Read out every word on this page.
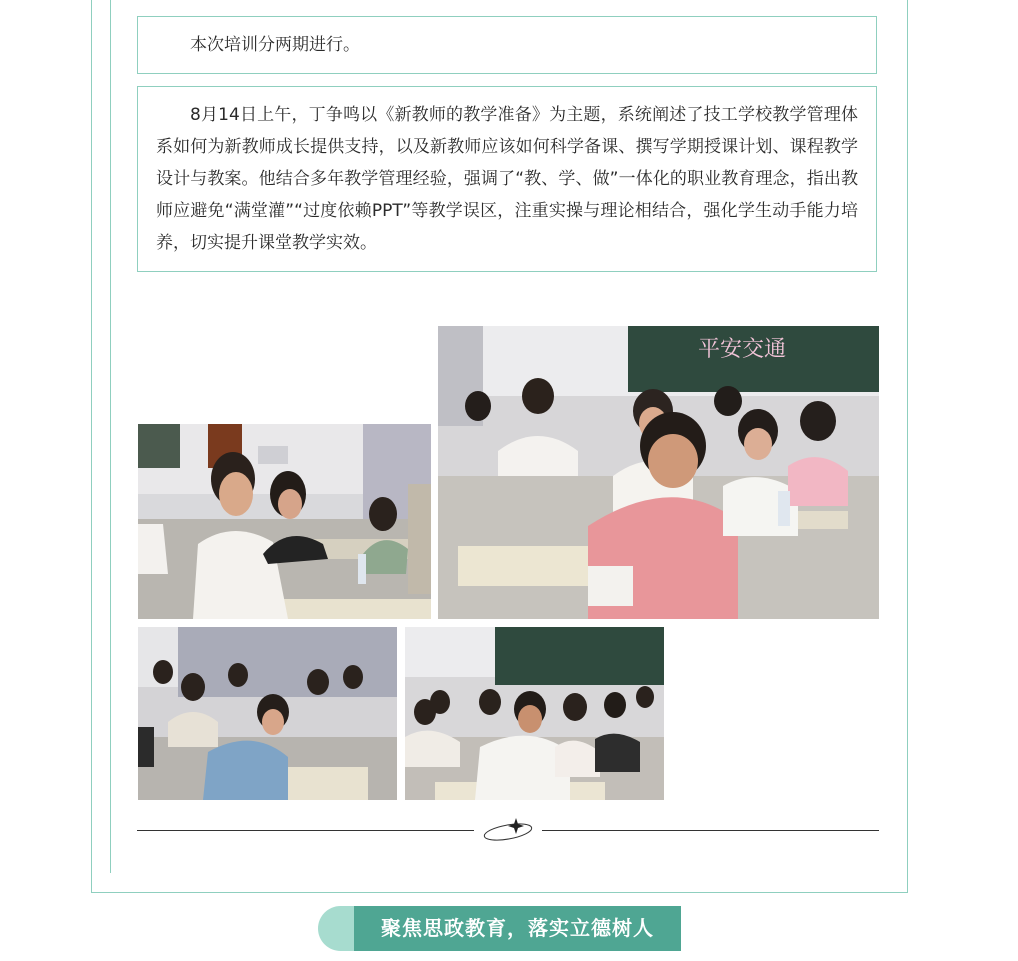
本次培训分两期进行。

8月14日上午，丁争鸣以《新教师的教学准备》为主题，系统阐述了技工学校教学管理体系如何为新教师成长提供支持，以及新教师应该如何科学备课、撰写学期授课计划、课程教学设计与教案。他结合多年教学管理经验，强调了“教、学、做”一体化的职业教育理念，指出教师应避免“满堂灌”“过度依赖PPT”等教学误区，注重实操与理论相结合，强化学生动手能力培养，切实提升课堂教学实效。

平安交通
聚焦思政教育，落实立德树人
